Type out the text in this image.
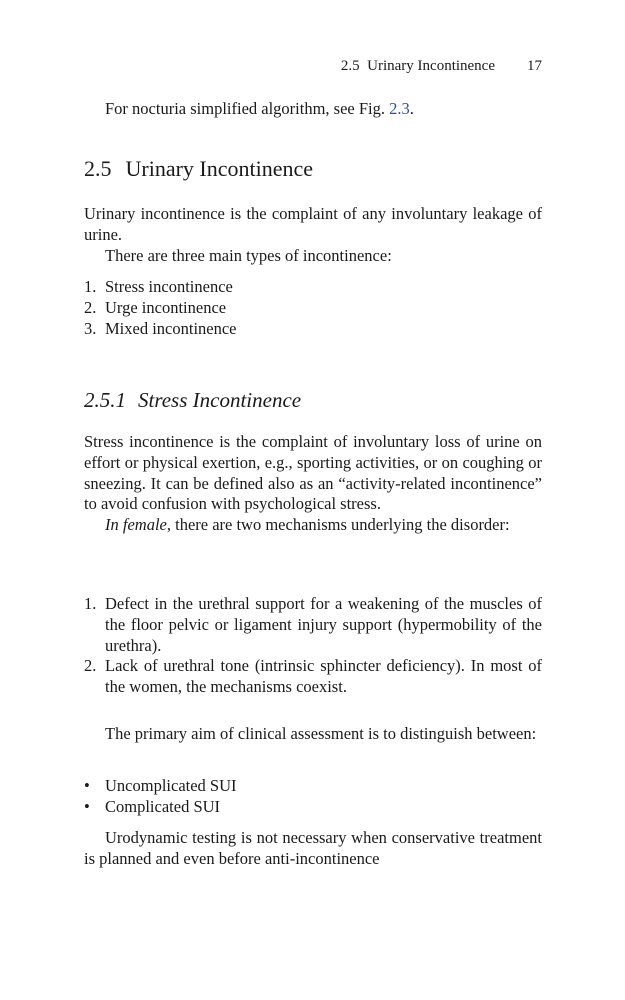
2.5  Urinary Incontinence 17

For nocturia simplified algorithm, see Fig. 2.3.

2.5 Urinary Incontinence

Urinary incontinence is the complaint of any involuntary leakage of urine.

There are three main types of incontinence:

1. Stress incontinence
2. Urge incontinence
3. Mixed incontinence
2.5.1 Stress Incontinence

Stress incontinence is the complaint of involuntary loss of urine on effort or physical exertion, e.g., sporting activities, or on coughing or sneezing. It can be defined also as an “activity-related incontinence” to avoid confusion with psychological stress.

In female, there are two mechanisms underlying the disorder:

1. Defect in the urethral support for a weakening of the muscles of the floor pelvic or ligament injury support (hypermobility of the urethra).
2. Lack of urethral tone (intrinsic sphincter deficiency). In most of the women, the mechanisms coexist.

The primary aim of clinical assessment is to distinguish between:

• Uncomplicated SUI
• Complicated SUI

Urodynamic testing is not necessary when conservative treatment is planned and even before anti-incontinence
